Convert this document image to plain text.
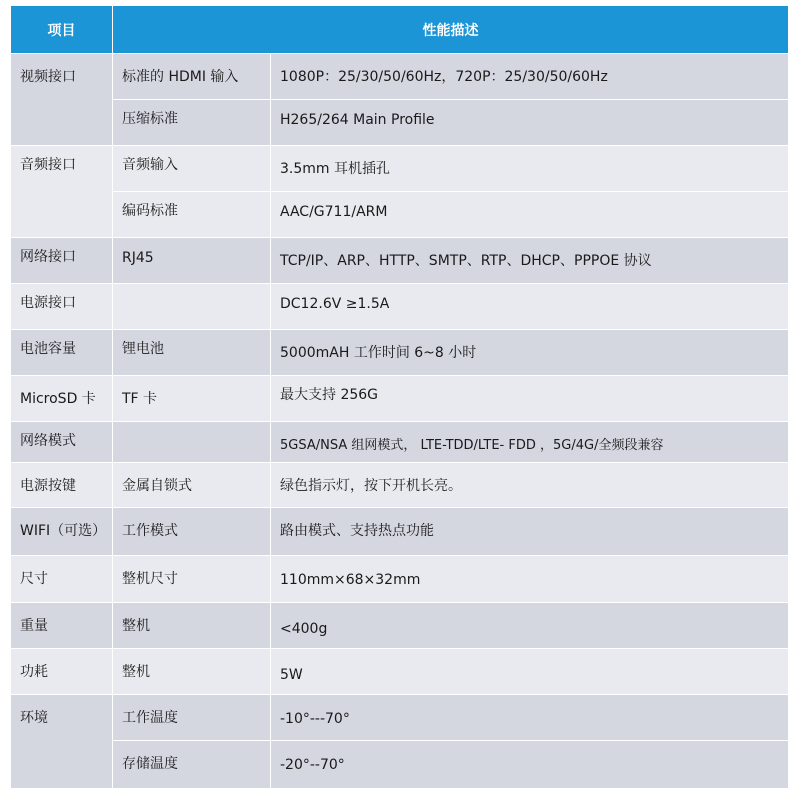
项目	性能描述	
视频接口	标准的 HDMI 输入	1080P：25/30/50/60Hz，720P：25/30/50/60Hz
	压缩标准	H265/264 Main Profile
音频接口	音频输入	3.5mm 耳机插孔
	编码标准	AAC/G711/ARM
网络接口	RJ45	TCP/IP、ARP、HTTP、SMTP、RTP、DHCP、PPPOE 协议
电源接口		DC12.6V ≥1.5A
电池容量	锂电池	5000mAH 工作时间 6~8 小时
MicroSD 卡	TF 卡	最大支持 256G
网络模式		5GSA/NSA 组网模式， LTE-TDD/LTE- FDD ，5G/4G/全频段兼容
电源按键	金属自锁式	绿色指示灯，按下开机长亮。
WIFI（可选）	工作模式	路由模式、支持热点功能
尺寸	整机尺寸	110mm×68×32mm
重量	整机	<400g
功耗	整机	5W
环境	工作温度	-10°---70°
	存储温度	-20°--70°
